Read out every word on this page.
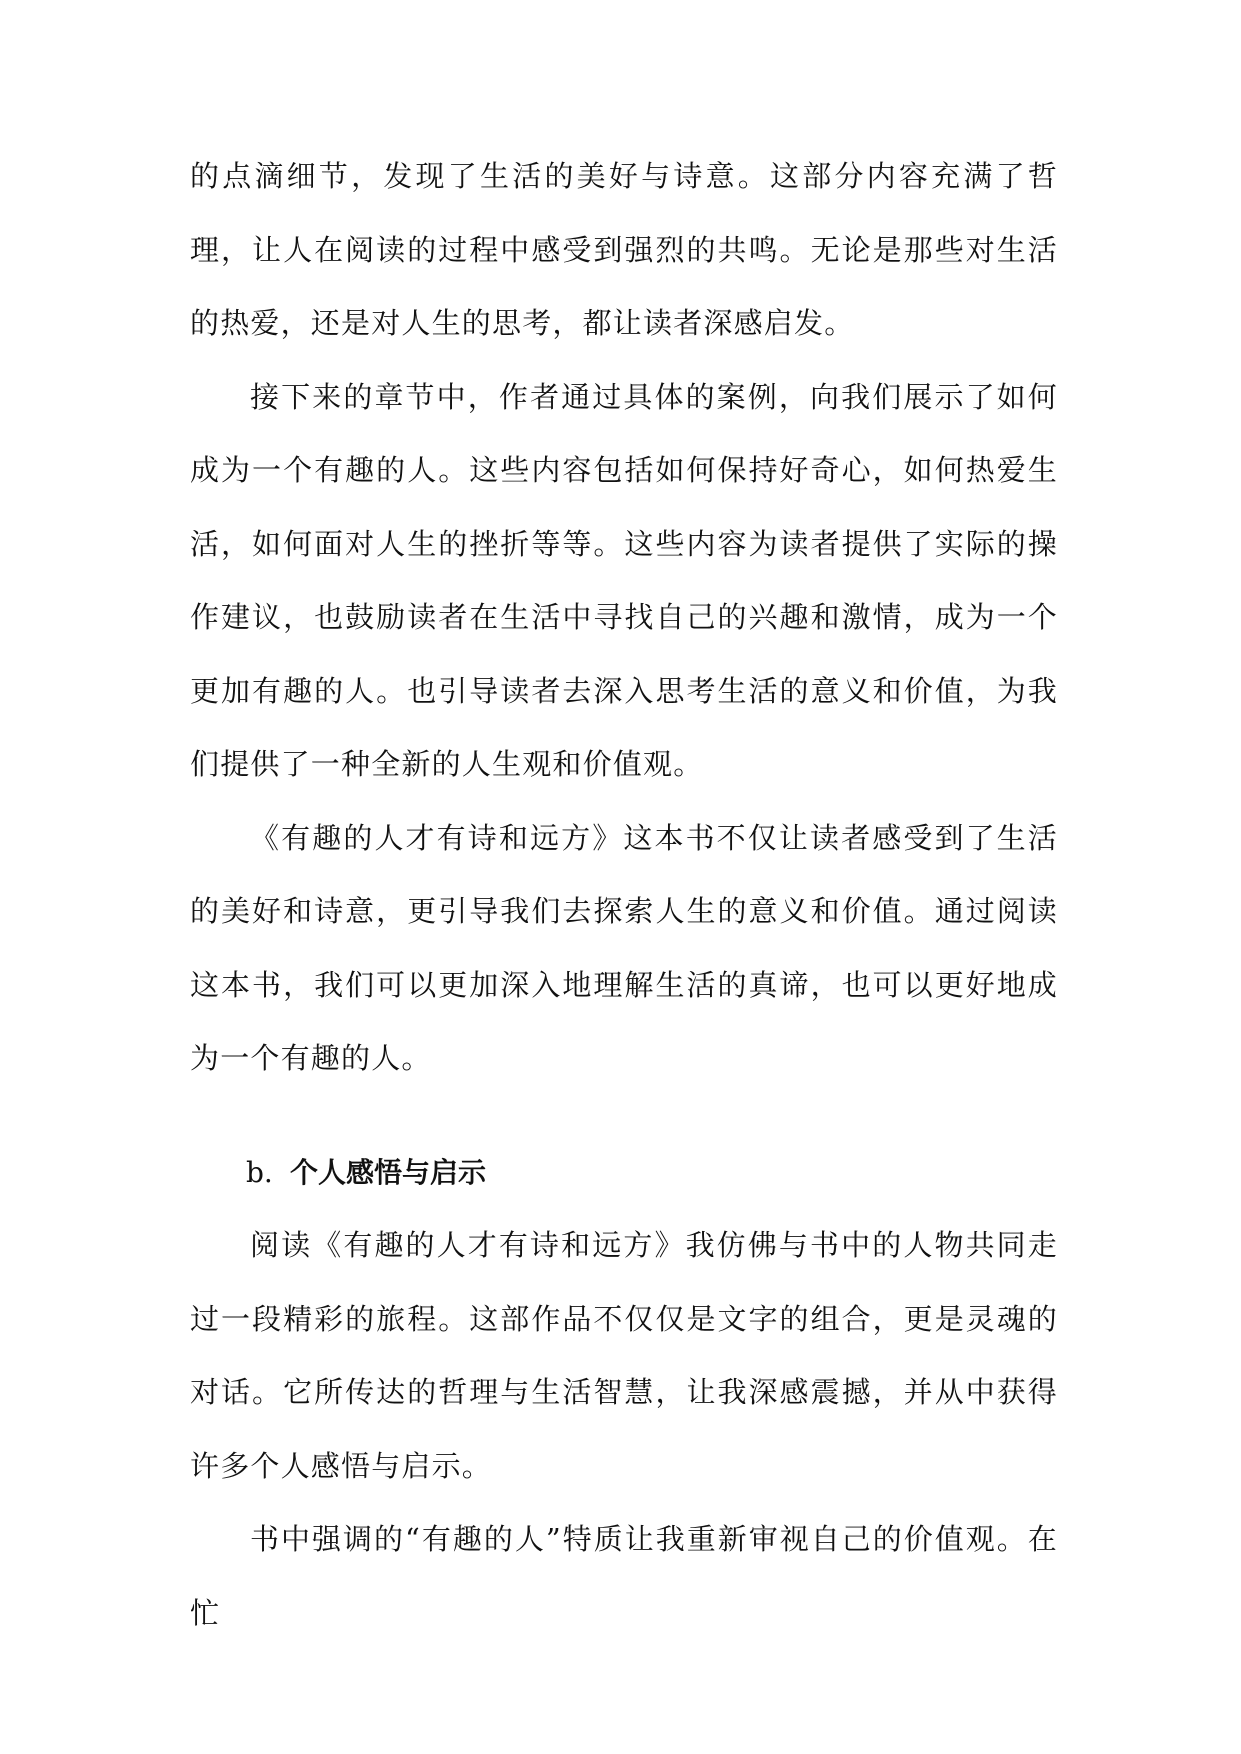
的点滴细节，发现了生活的美好与诗意。这部分内容充满了哲理，让人在阅读的过程中感受到强烈的共鸣。无论是那些对生活的热爱，还是对人生的思考，都让读者深感启发。

接下来的章节中，作者通过具体的案例，向我们展示了如何成为一个有趣的人。这些内容包括如何保持好奇心，如何热爱生活，如何面对人生的挫折等等。这些内容为读者提供了实际的操作建议，也鼓励读者在生活中寻找自己的兴趣和激情，成为一个更加有趣的人。也引导读者去深入思考生活的意义和价值，为我们提供了一种全新的人生观和价值观。

《有趣的人才有诗和远方》这本书不仅让读者感受到了生活的美好和诗意，更引导我们去探索人生的意义和价值。通过阅读这本书，我们可以更加深入地理解生活的真谛，也可以更好地成为一个有趣的人。

b. 个人感悟与启示

阅读《有趣的人才有诗和远方》我仿佛与书中的人物共同走过一段精彩的旅程。这部作品不仅仅是文字的组合，更是灵魂的对话。它所传达的哲理与生活智慧，让我深感震撼，并从中获得许多个人感悟与启示。

书中强调的“有趣的人”特质让我重新审视自己的价值观。在忙
